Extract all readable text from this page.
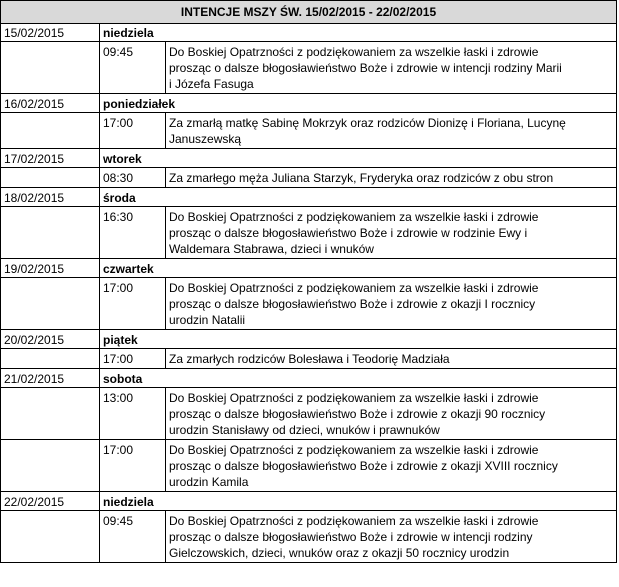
INTENCJE MSZY ŚW. 15/02/2015 - 22/02/2015
15/02/2015	niedziela
09:45	Do Boskiej Opatrzności z podziękowaniem za wszelkie łaski i zdrowie
prosząc o dalsze błogosławieństwo Boże i zdrowie w intencji rodziny Marii
i Józefa Fasuga
16/02/2015	poniedziałek
17:00	Za zmarłą matkę Sabinę Mokrzyk oraz rodziców Dionizę i Floriana, Lucynę
Januszewską
17/02/2015	wtorek
08:30	Za zmarłego męża Juliana Starzyk, Fryderyka oraz rodziców z obu stron
18/02/2015	środa
16:30	Do Boskiej Opatrzności z podziękowaniem za wszelkie łaski i zdrowie
prosząc o dalsze błogosławieństwo Boże i zdrowie w rodzinie Ewy i
Waldemara Stabrawa, dzieci i wnuków
19/02/2015	czwartek
17:00	Do Boskiej Opatrzności z podziękowaniem za wszelkie łaski i zdrowie
prosząc o dalsze błogosławieństwo Boże i zdrowie z okazji I rocznicy
urodzin Natalii
20/02/2015	piątek
17:00	Za zmarłych rodziców Bolesława i Teodorię Madziała
21/02/2015	sobota
13:00	Do Boskiej Opatrzności z podziękowaniem za wszelkie łaski i zdrowie
prosząc o dalsze błogosławieństwo Boże i zdrowie z okazji 90 rocznicy
urodzin Stanisławy od dzieci, wnuków i prawnuków
17:00	Do Boskiej Opatrzności z podziękowaniem za wszelkie łaski i zdrowie
prosząc o dalsze błogosławieństwo Boże i zdrowie z okazji XVIII rocznicy
urodzin Kamila
22/02/2015	niedziela
09:45	Do Boskiej Opatrzności z podziękowaniem za wszelkie łaski i zdrowie
prosząc o dalsze błogosławieństwo Boże i zdrowie w intencji rodziny
Gielczowskich, dzieci, wnuków oraz z okazji 50 rocznicy urodzin
